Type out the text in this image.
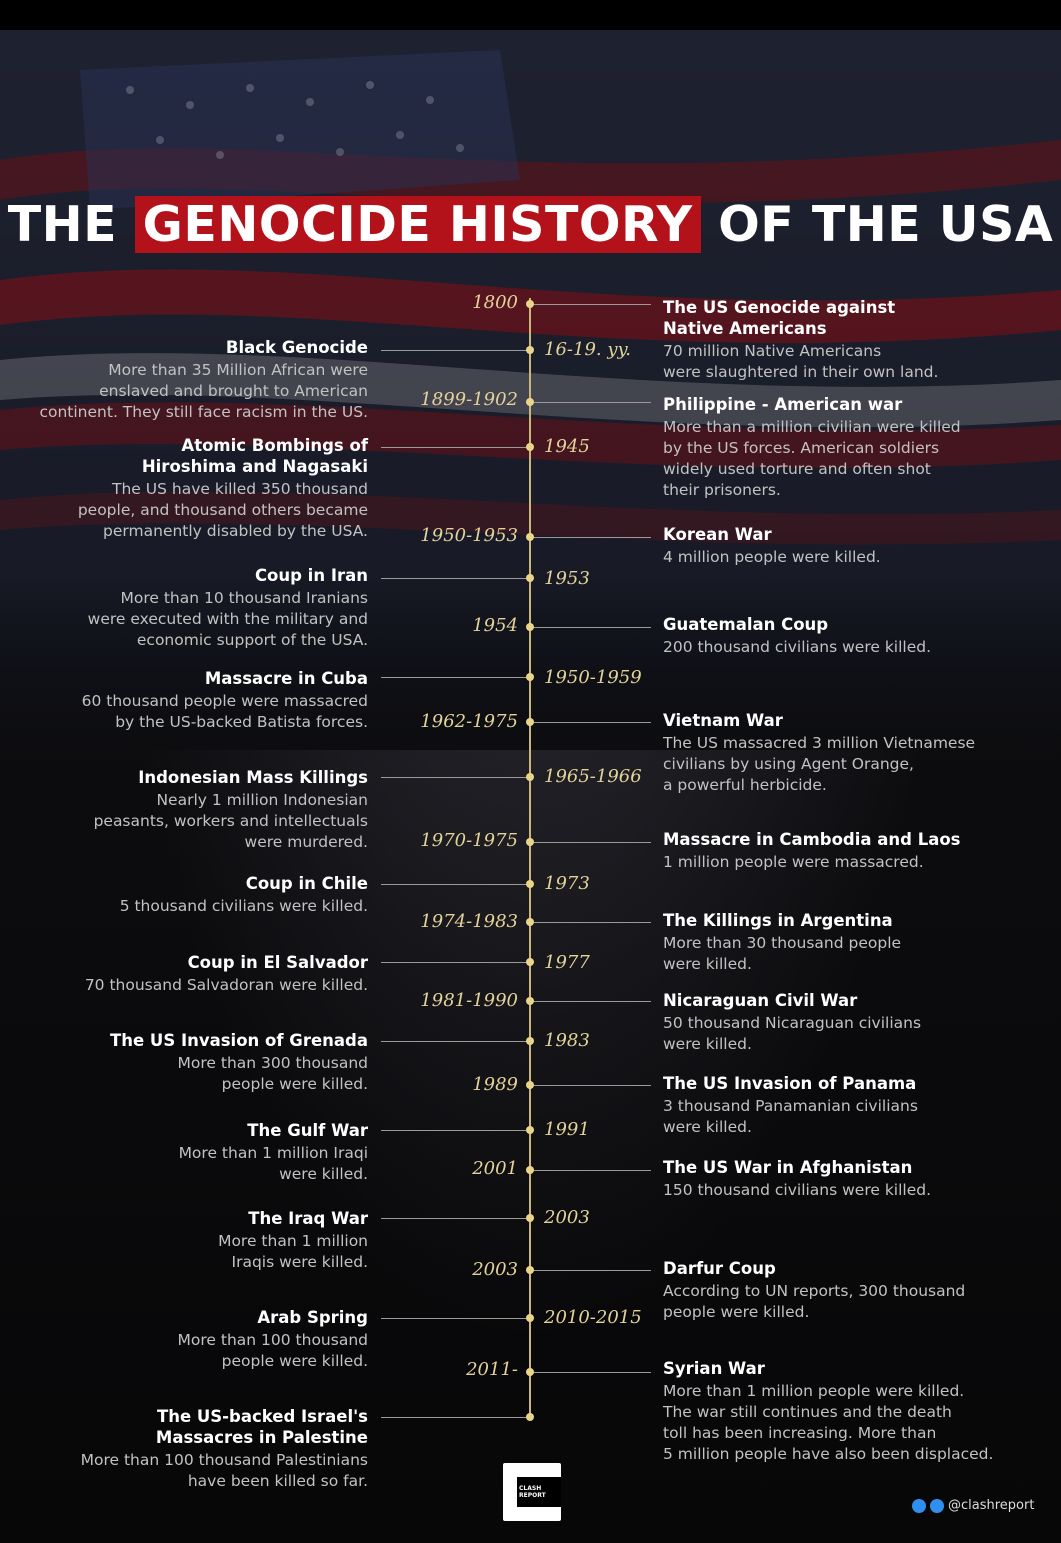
THE GENOCIDE HISTORY OF THE USA
Black Genocide
More than 35 Million African were
enslaved and brought to American
continent. They still face racism in the US.
Atomic Bombings of
Hiroshima and Nagasaki
The US have killed 350 thousand
people, and thousand others became
permanently disabled by the USA.
Coup in Iran
More than 10 thousand Iranians
were executed with the military and
economic support of the USA.
Massacre in Cuba
60 thousand people were massacred
by the US-backed Batista forces.
Indonesian Mass Killings
Nearly 1 million Indonesian
peasants, workers and intellectuals
were murdered.
Coup in Chile
5 thousand civilians were killed.
Coup in El Salvador
70 thousand Salvadoran were killed.
The US Invasion of Grenada
More than 300 thousand
people were killed.
The Gulf War
More than 1 million Iraqi
were killed.
The Iraq War
More than 1 million
Iraqis were killed.
Arab Spring
More than 100 thousand
people were killed.
The US-backed Israel's
Massacres in Palestine
More than 100 thousand Palestinians
have been killed so far.
16-19. yy.
1945
1953
1950-1959
1965-1966
1973
1977
1983
1991
2003
2010-2015
The US Genocide against
Native Americans
70 million Native Americans
were slaughtered in their own land.
Philippine - American war
More than a million civilian were killed
by the US forces. American soldiers
widely used torture and often shot
their prisoners.
Korean War
4 million people were killed.
Guatemalan Coup
200 thousand civilians were killed.
Vietnam War
The US massacred 3 million Vietnamese
civilians by using Agent Orange,
a powerful herbicide.
Massacre in Cambodia and Laos
1 million people were massacred.
The Killings in Argentina
More than 30 thousand people
were killed.
Nicaraguan Civil War
50 thousand Nicaraguan civilians
were killed.
The US Invasion of Panama
3 thousand Panamanian civilians
were killed.
The US War in Afghanistan
150 thousand civilians were killed.
Darfur Coup
According to UN reports, 300 thousand
people were killed.
Syrian War
More than 1 million people were killed.
The war still continues and the death
toll has been increasing. More than
5 million people have also been displaced.
1800
1899-1902
1950-1953
1954
1962-1975
1970-1975
1974-1983
1981-1990
1989
2001
2003
2011-
CLASH
REPORT
@clashreport
